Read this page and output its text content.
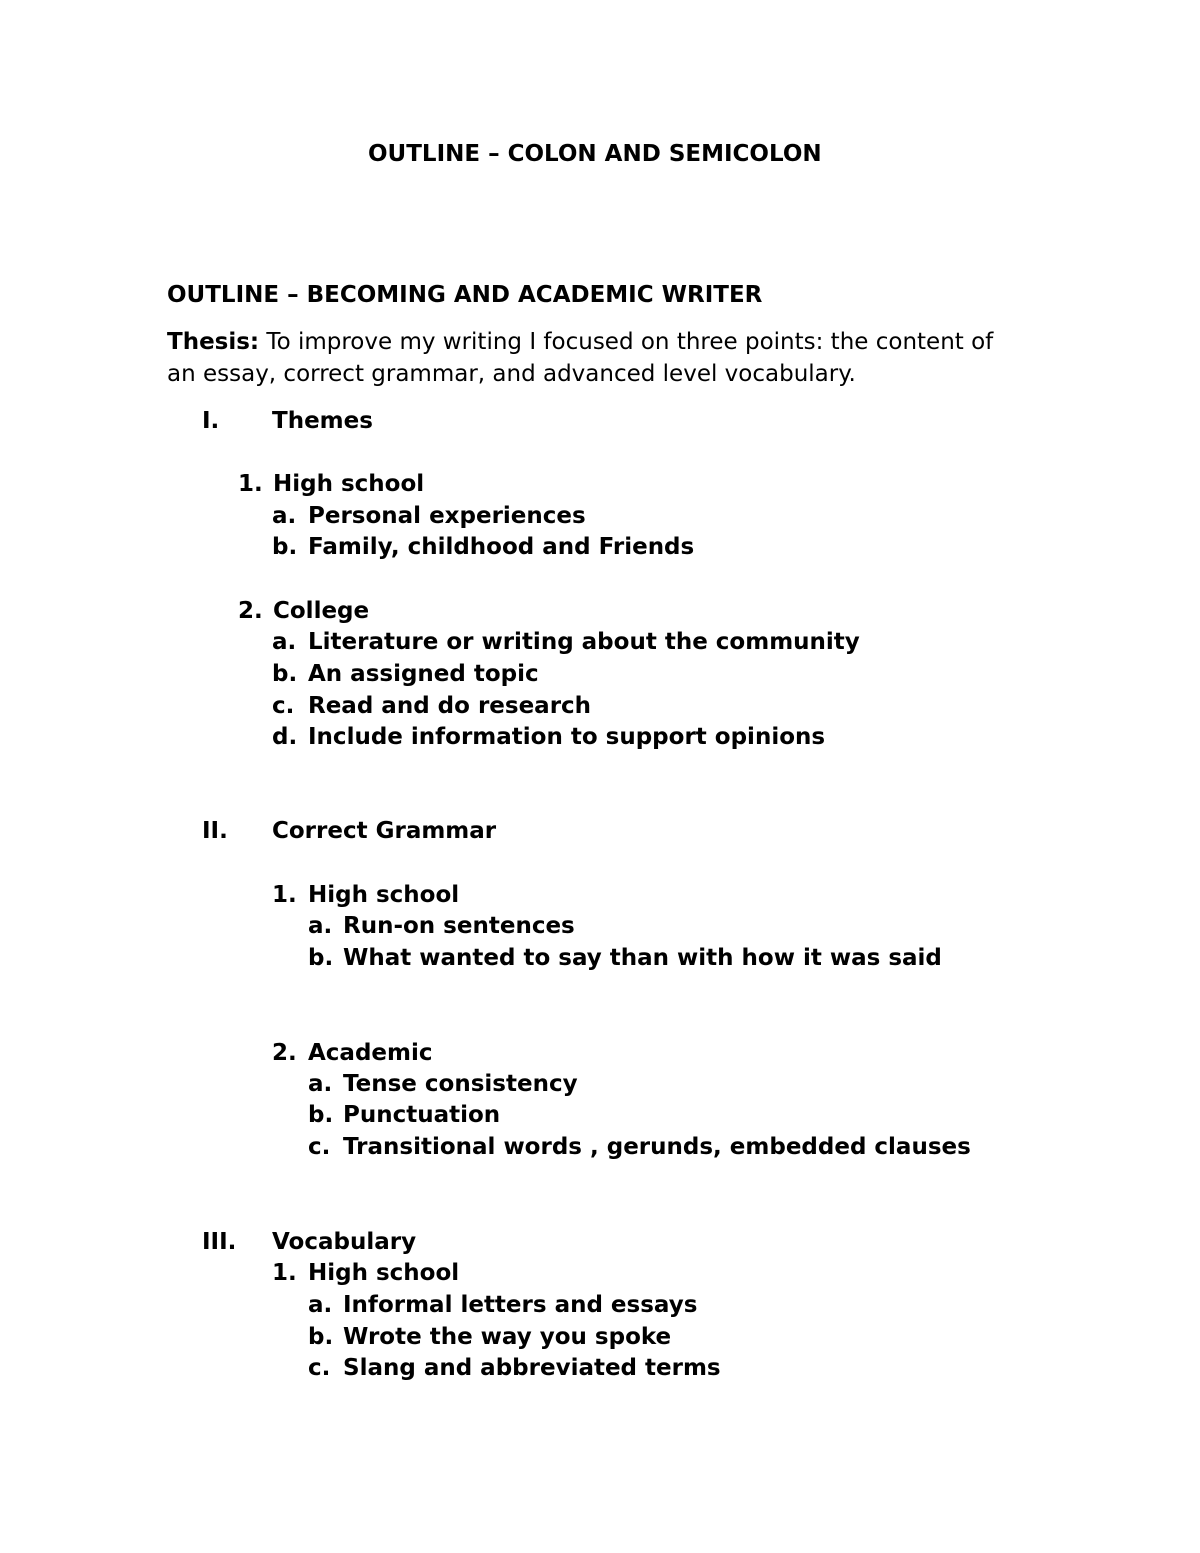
OUTLINE – COLON AND SEMICOLON
OUTLINE – BECOMING AND ACADEMIC WRITER
Thesis: To improve my writing I focused on three points: the content of
an essay, correct grammar, and advanced level vocabulary.
I. Themes
1. High school
a. Personal experiences
b. Family, childhood and Friends
2. College
a. Literature or writing about the community
b. An assigned topic
c. Read and do research
d. Include information to support opinions
II. Correct Grammar
1. High school
a. Run-on sentences
b. What wanted to say than with how it was said
2. Academic
a. Tense consistency
b. Punctuation
c. Transitional words , gerunds, embedded clauses
III. Vocabulary
1. High school
a. Informal letters and essays
b. Wrote the way you spoke
c. Slang and abbreviated terms
